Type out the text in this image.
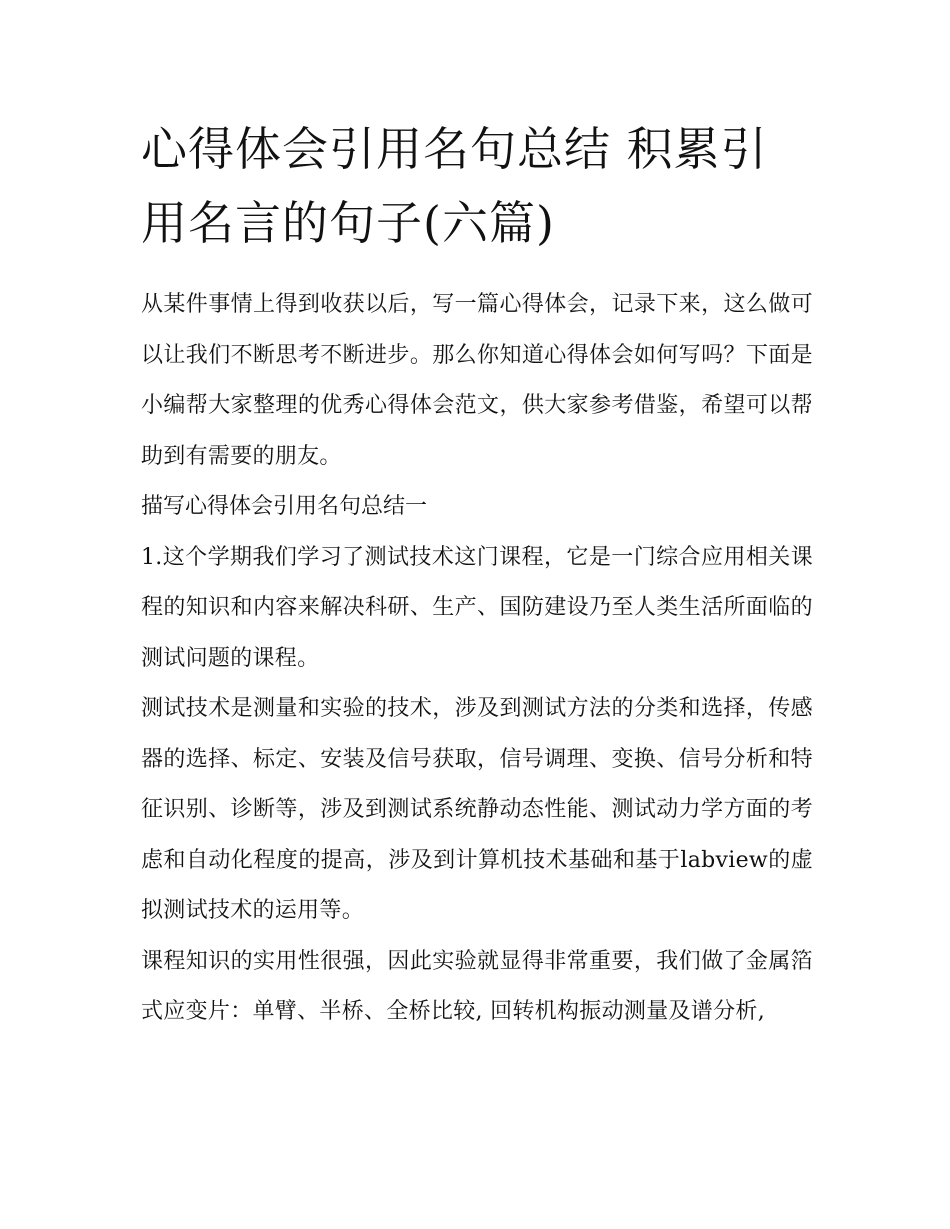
心得体会引用名句总结 积累引用名言的句子(六篇)

从某件事情上得到收获以后，写一篇心得体会，记录下来，这么做可以让我们不断思考不断进步。那么你知道心得体会如何写吗？下面是小编帮大家整理的优秀心得体会范文，供大家参考借鉴，希望可以帮助到有需要的朋友。

描写心得体会引用名句总结一

1.这个学期我们学习了测试技术这门课程，它是一门综合应用相关课程的知识和内容来解决科研、生产、国防建设乃至人类生活所面临的测试问题的课程。

测试技术是测量和实验的技术，涉及到测试方法的分类和选择，传感器的选择、标定、安装及信号获取，信号调理、变换、信号分析和特征识别、诊断等，涉及到测试系统静动态性能、测试动力学方面的考虑和自动化程度的提高，涉及到计算机技术基础和基于labview的虚拟测试技术的运用等。

课程知识的实用性很强，因此实验就显得非常重要，我们做了金属箔式应变片：单臂、半桥、全桥比较, 回转机构振动测量及谱分析,
